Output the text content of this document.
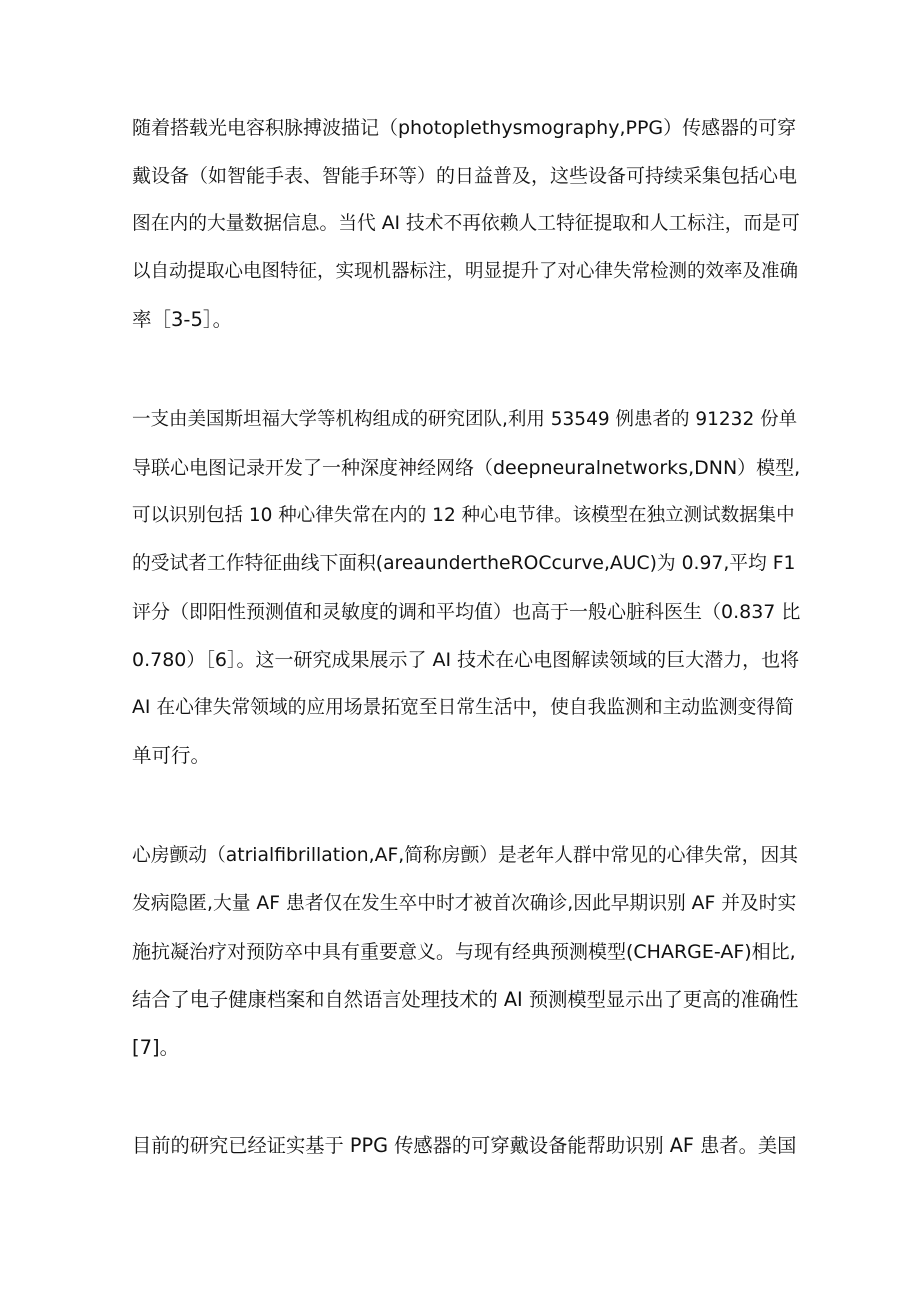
随着搭载光电容积脉搏波描记（photoplethysmography,PPG）传感器的可穿
戴设备（如智能手表、智能手环等）的日益普及，这些设备可持续采集包括心电
图在内的大量数据信息。当代 AI 技术不再依赖人工特征提取和人工标注，而是可
以自动提取心电图特征，实现机器标注，明显提升了对心律失常检测的效率及准确
率［3-5］。
一支由美国斯坦福大学等机构组成的研究团队,利用 53549 例患者的 91232 份单
导联心电图记录开发了一种深度神经网络（deepneuralnetworks,DNN）模型,
可以识别包括 10 种心律失常在内的 12 种心电节律。该模型在独立测试数据集中
的受试者工作特征曲线下面积(areaundertheROCcurve,AUC)为 0.97,平均 F1
评分（即阳性预测值和灵敏度的调和平均值）也高于一般心脏科医生（0.837 比
0.780）［6］。这一研究成果展示了 AI 技术在心电图解读领域的巨大潜力，也将
AI 在心律失常领域的应用场景拓宽至日常生活中，使自我监测和主动监测变得简
单可行。
心房颤动（atrialfibrillation,AF,简称房颤）是老年人群中常见的心律失常，因其
发病隐匿,大量 AF 患者仅在发生卒中时才被首次确诊,因此早期识别 AF 并及时实
施抗凝治疗对预防卒中具有重要意义。与现有经典预测模型(CHARGE-AF)相比,
结合了电子健康档案和自然语言处理技术的 AI 预测模型显示出了更高的准确性
[7]。
目前的研究已经证实基于 PPG 传感器的可穿戴设备能帮助识别 AF 患者。美国
